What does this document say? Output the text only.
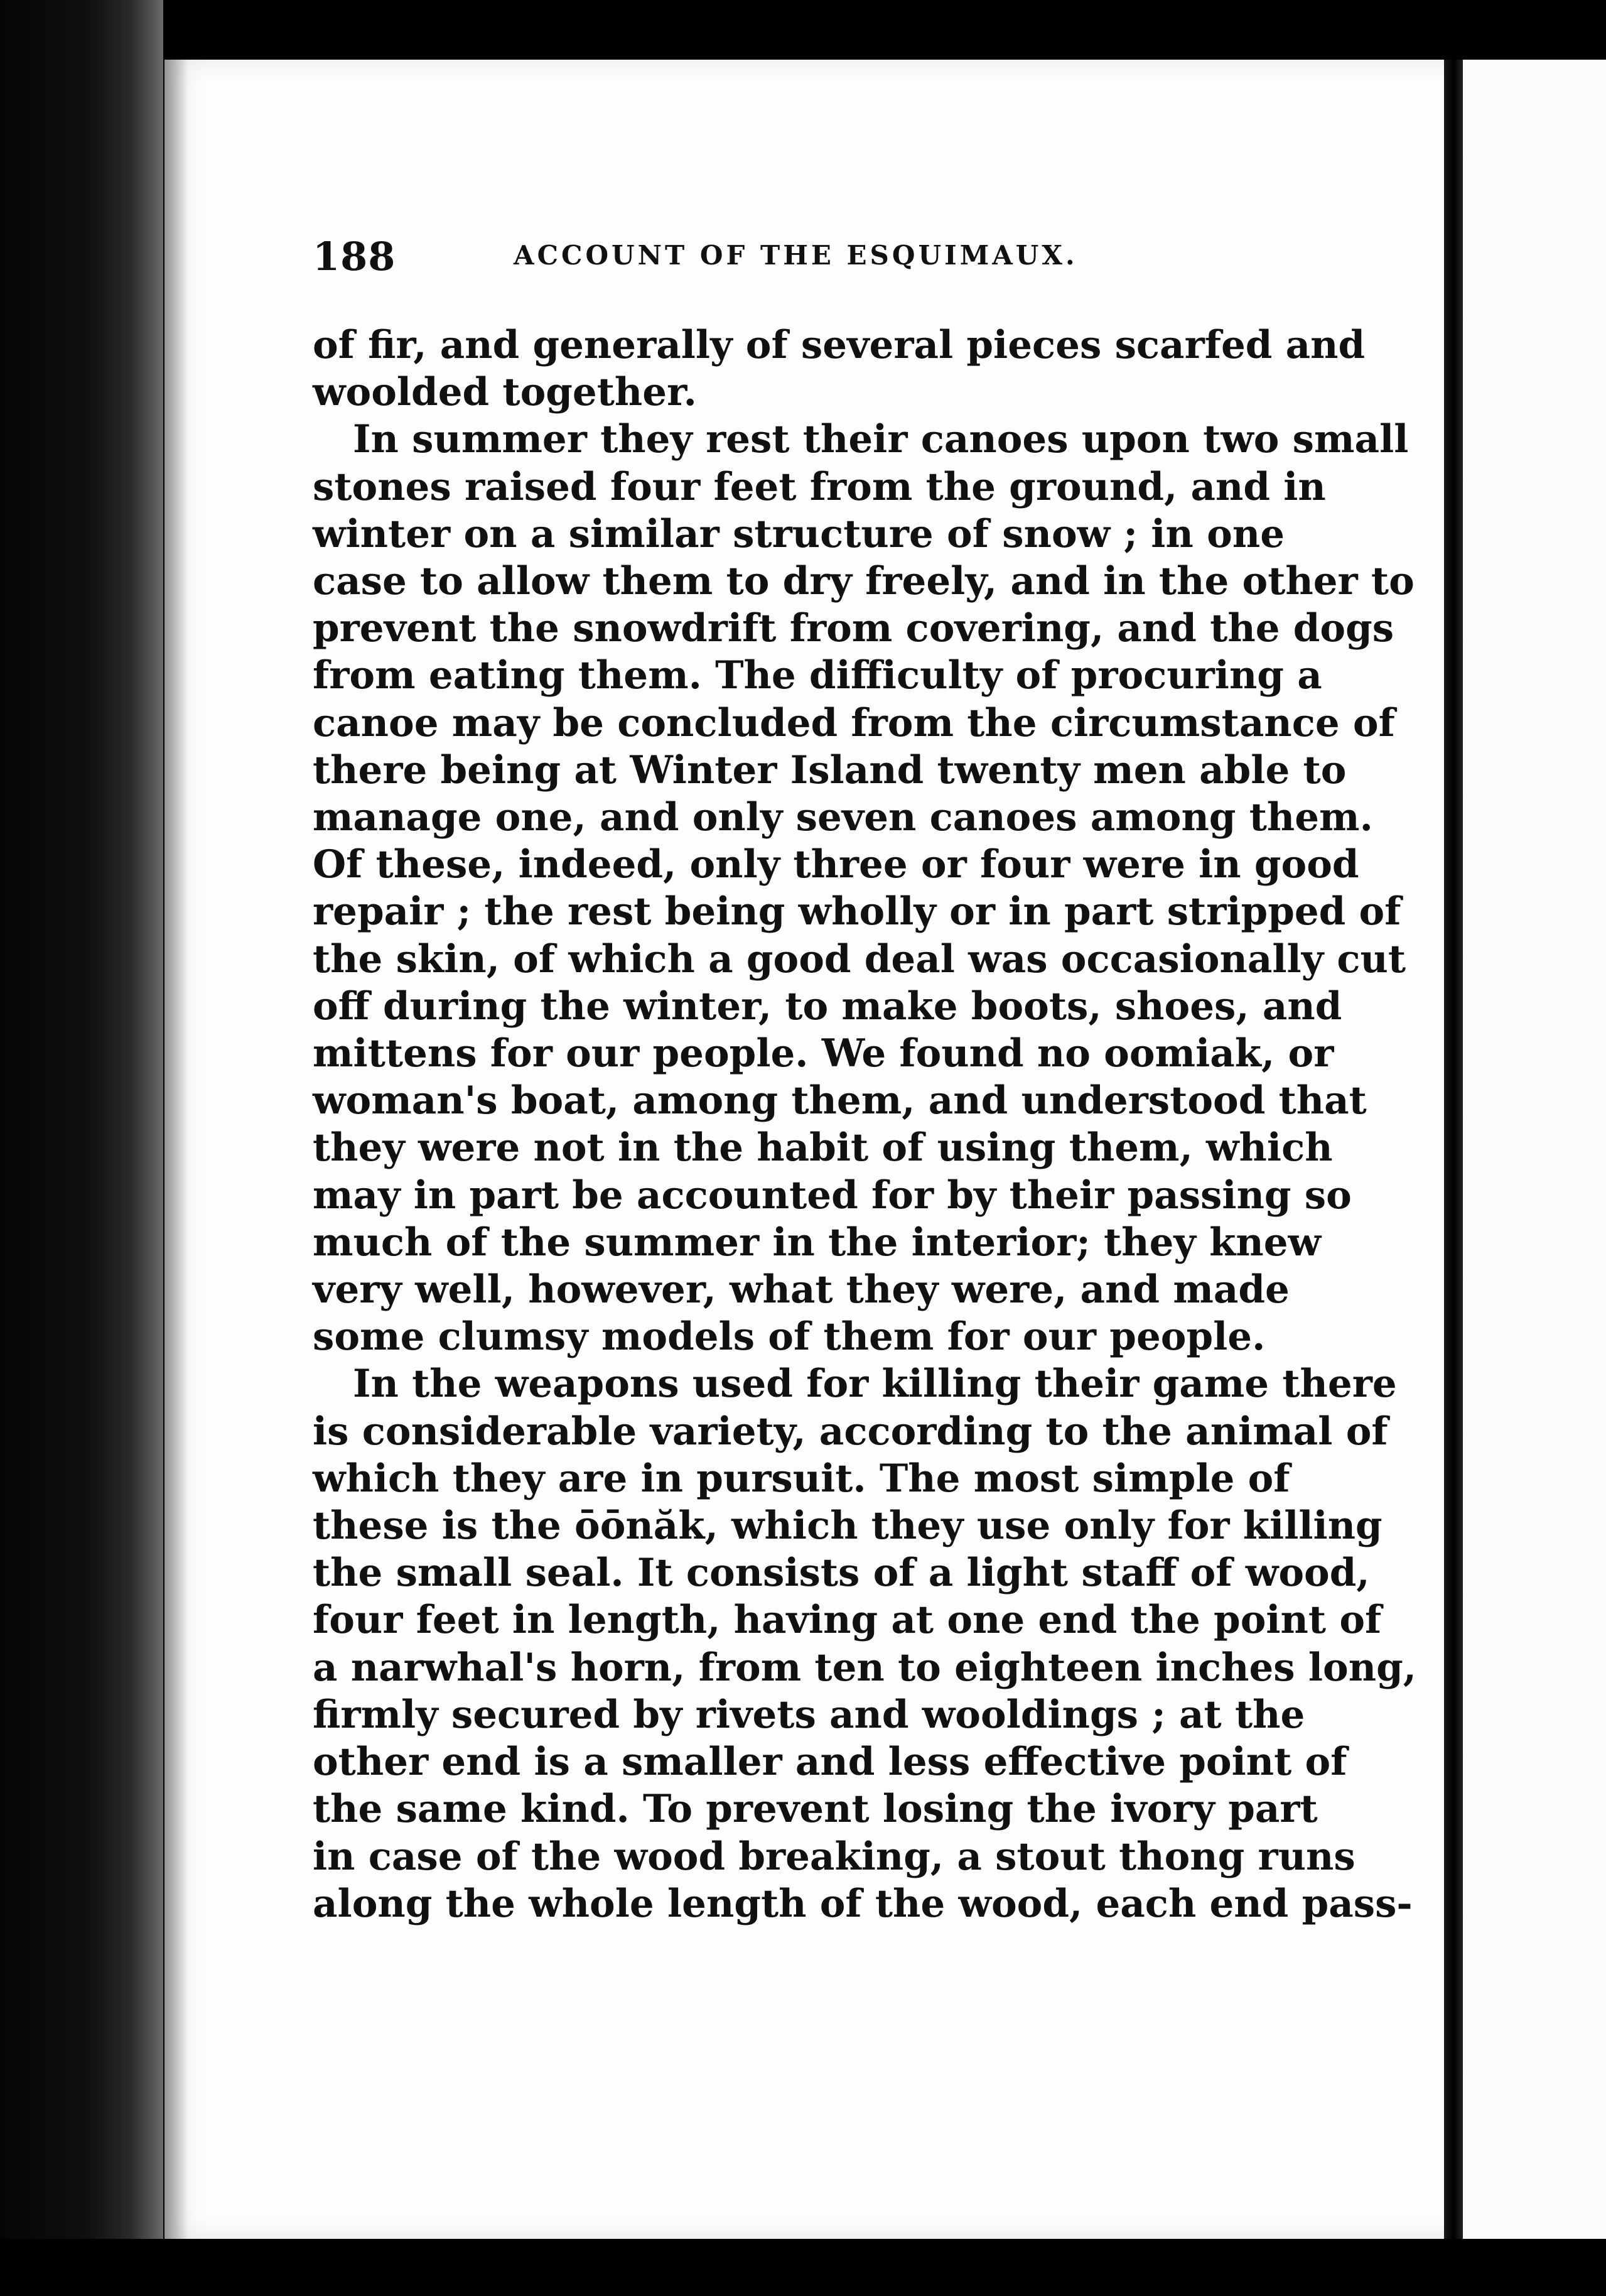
188	ACCOUNT OF THE ESQUIMAUX.
of fir, and generally of several pieces scarfed and
woolded together.
In summer they rest their canoes upon two small
stones raised four feet from the ground, and in
winter on a similar structure of snow ; in one
case to allow them to dry freely, and in the other to
prevent the snowdrift from covering, and the dogs
from eating them. The difficulty of procuring a
canoe may be concluded from the circumstance of
there being at Winter Island twenty men able to
manage one, and only seven canoes among them.
Of these, indeed, only three or four were in good
repair ; the rest being wholly or in part stripped of
the skin, of which a good deal was occasionally cut
off during the winter, to make boots, shoes, and
mittens for our people. We found no oomiak, or
woman's boat, among them, and understood that
they were not in the habit of using them, which
may in part be accounted for by their passing so
much of the summer in the interior; they knew
very well, however, what they were, and made
some clumsy models of them for our people.
In the weapons used for killing their game there
is considerable variety, according to the animal of
which they are in pursuit. The most simple of
these is the ōōnăk, which they use only for killing
the small seal. It consists of a light staff of wood,
four feet in length, having at one end the point of
a narwhal's horn, from ten to eighteen inches long,
firmly secured by rivets and wooldings ; at the
other end is a smaller and less effective point of
the same kind. To prevent losing the ivory part
in case of the wood breaking, a stout thong runs
along the whole length of the wood, each end pass-
